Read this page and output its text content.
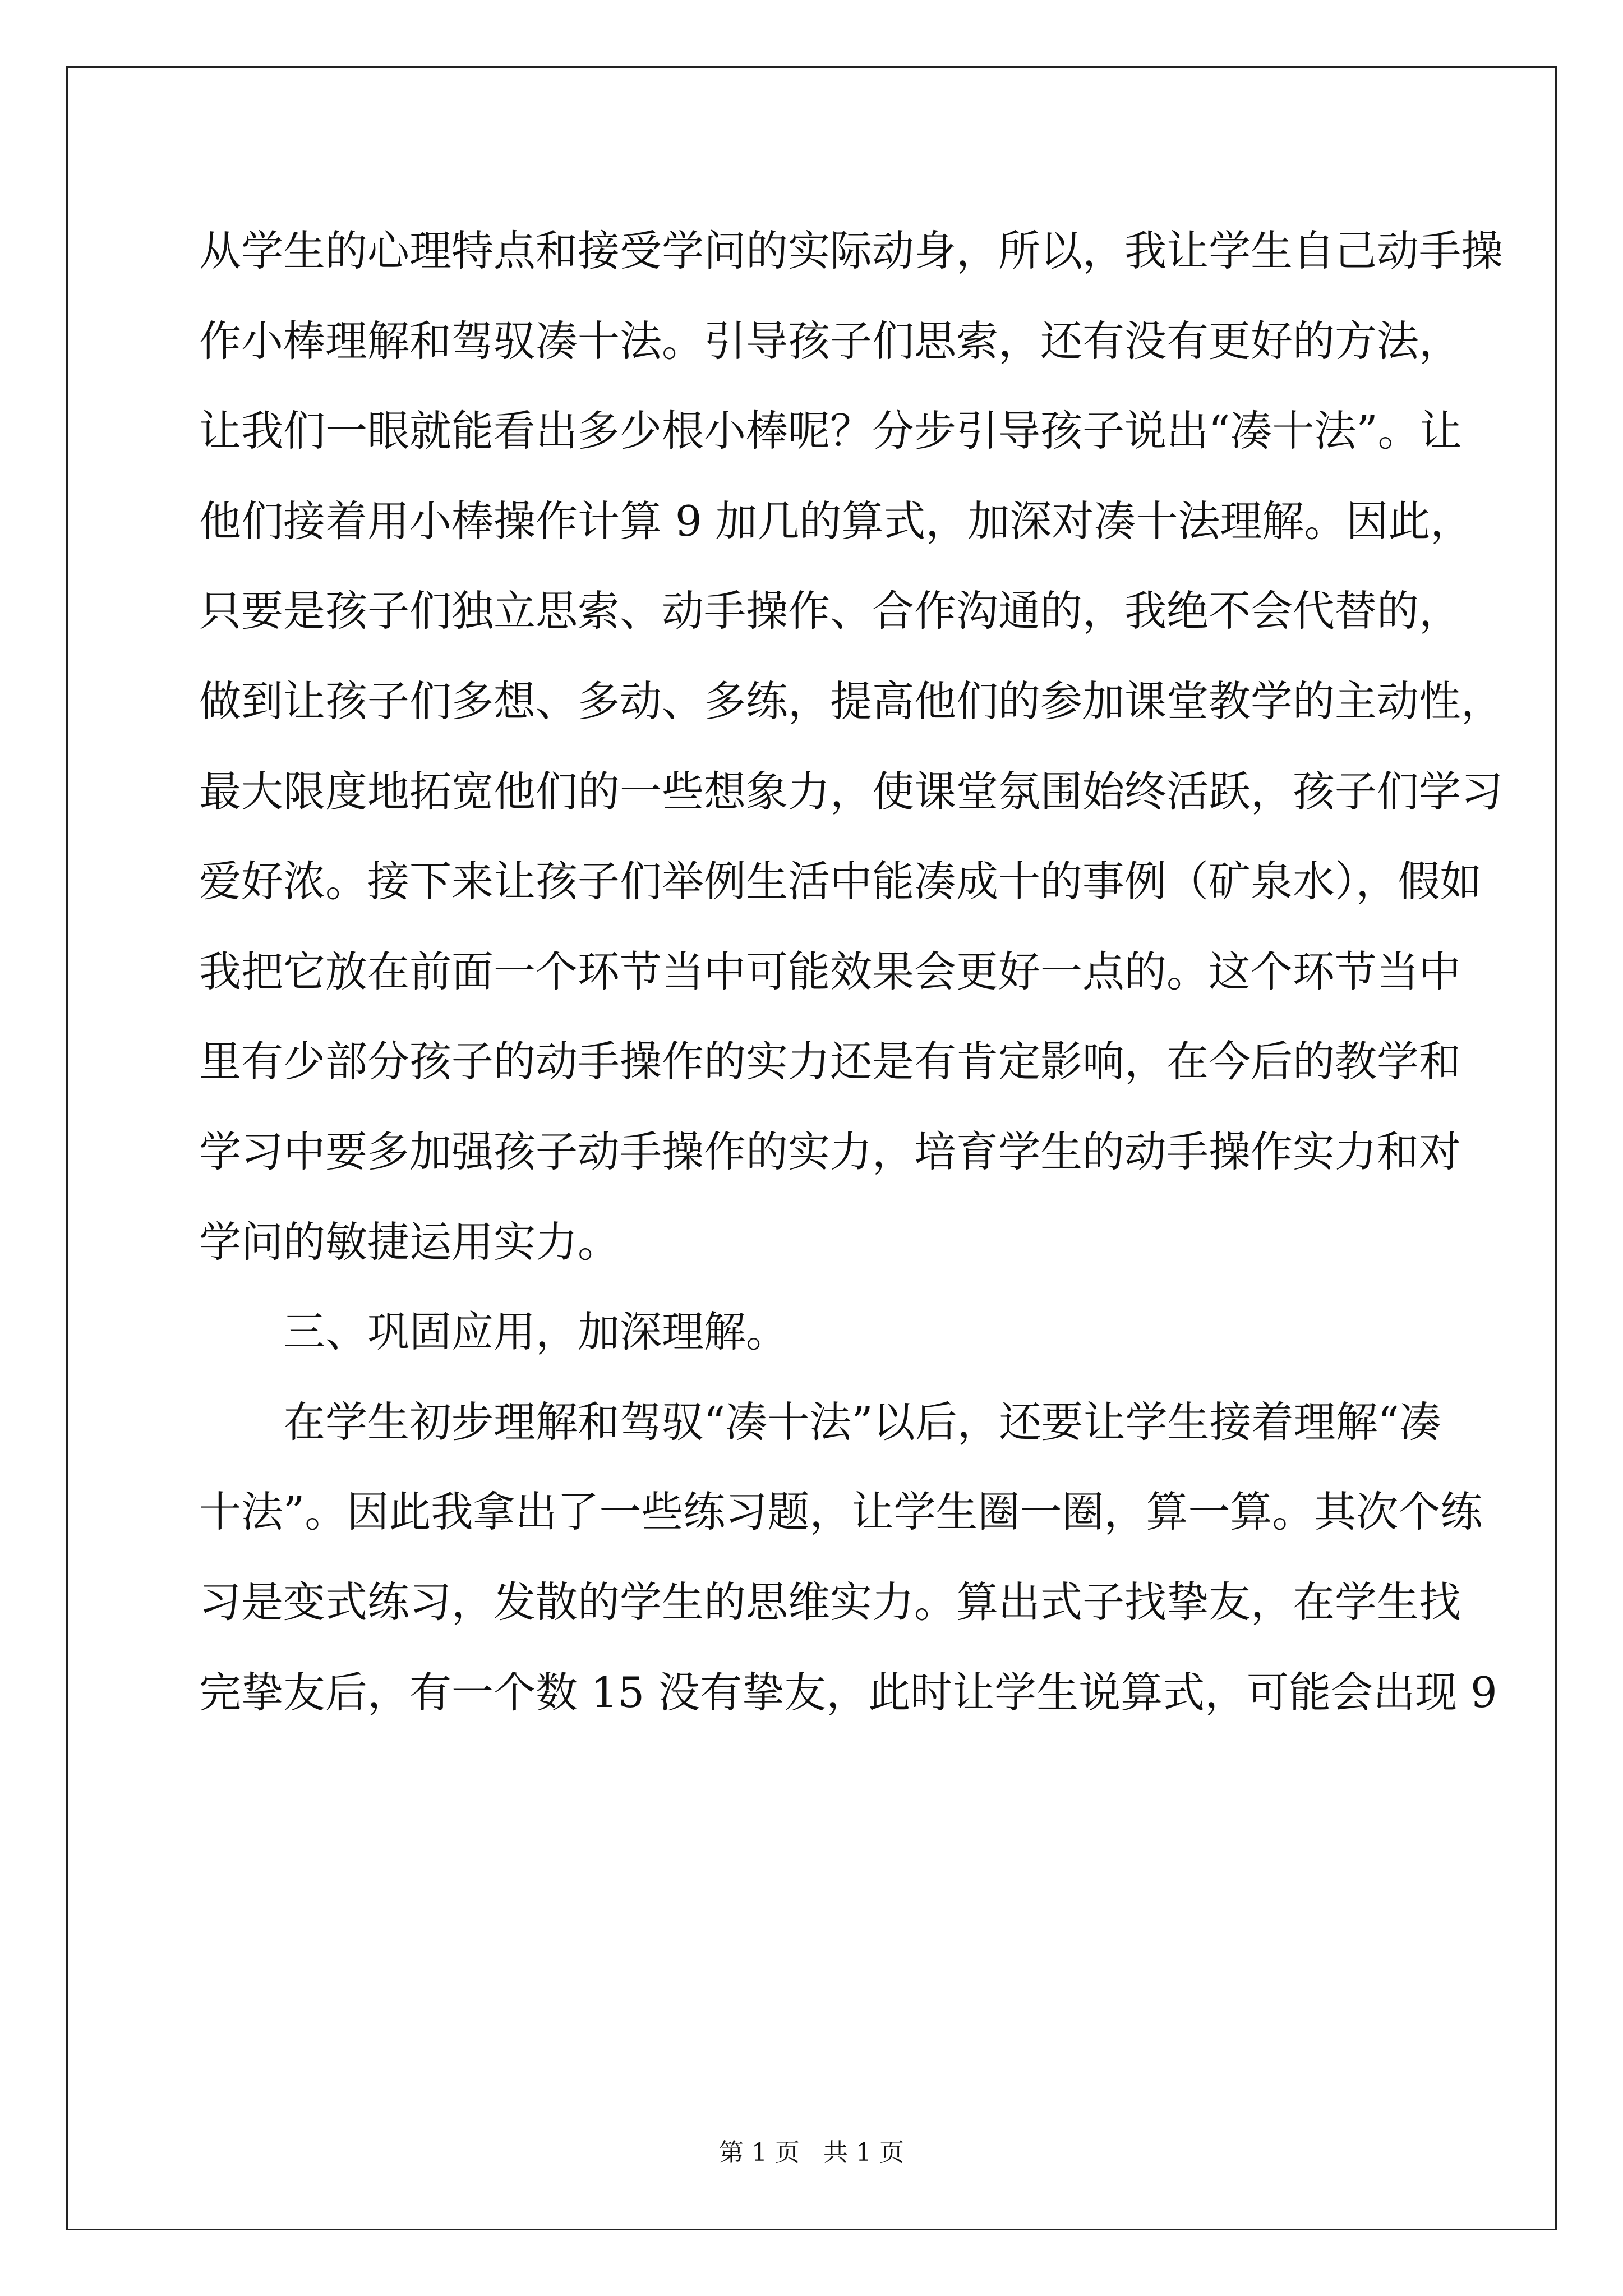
从学生的心理特点和接受学问的实际动身，所以，我让学生自己动手操
作小棒理解和驾驭凑十法。引导孩子们思索，还有没有更好的方法，
让我们一眼就能看出多少根小棒呢？分步引导孩子说出“凑十法”。让
他们接着用小棒操作计算 9 加几的算式，加深对凑十法理解。因此，
只要是孩子们独立思索、动手操作、合作沟通的，我绝不会代替的，
做到让孩子们多想、多动、多练，提高他们的参加课堂教学的主动性，
最大限度地拓宽他们的一些想象力，使课堂氛围始终活跃，孩子们学习
爱好浓。接下来让孩子们举例生活中能凑成十的事例（矿泉水），假如
我把它放在前面一个环节当中可能效果会更好一点的。这个环节当中
里有少部分孩子的动手操作的实力还是有肯定影响，在今后的教学和
学习中要多加强孩子动手操作的实力，培育学生的动手操作实力和对
学问的敏捷运用实力。
三、巩固应用，加深理解。
在学生初步理解和驾驭“凑十法”以后，还要让学生接着理解“凑
十法”。因此我拿出了一些练习题，让学生圈一圈，算一算。其次个练
习是变式练习，发散的学生的思维实力。算出式子找挚友，在学生找
完挚友后，有一个数 15 没有挚友，此时让学生说算式，可能会出现 9
第 1 页   共 1 页
